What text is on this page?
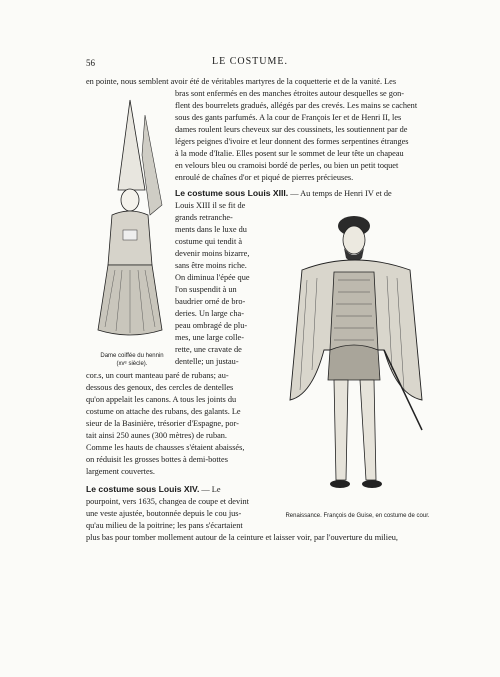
56	LE COSTUME.
en pointe, nous semblent avoir été de véritables martyres de la coquetterie et de la vanité. Les
bras sont enfermés en des manches étroites autour desquelles se gon-
flent des bourrelets gradués, allégés par des crevés. Les mains se cachent
sous des gants parfumés. A la cour de François Ier et de Henri II, les
dames roulent leurs cheveux sur des coussinets, les soutiennent par de
légers peignes d'ivoire et leur donnent des formes serpentines étranges
à la mode d'Italie. Elles posent sur le sommet de leur tête un chapeau
en velours bleu ou cramoisi bordé de perles, ou bien un petit toquet
enroulé de chaînes d'or et piqué de pierres précieuses.
Le costume sous Louis XIII. — Au temps de Henri IV et de
Louis XIII il se fit de
grands retranche-
ments dans le luxe du
costume qui tendit à
devenir moins bizarre,
sans être moins riche.
On diminua l'épée que
l'on suspendit à un
baudrier orné de bro-
deries. Un large cha-
peau ombragé de plu-
mes, une large colle-
rette, une cravate de
dentelle; un justau-
cor.s, un court manteau paré de rubans; au-
dessous des genoux, des cercles de dentelles
qu'on appelait les canons. A tous les joints du
costume on attache des rubans, des galants. Le
sieur de la Basinière, trésorier d'Espagne, por-
tait ainsi 250 aunes (300 mètres) de ruban.
Comme les hauts de chausses s'étaient abaissés,
on réduisit les grosses bottes à demi-bottes
largement couvertes.
Le costume sous Louis XIV. — Le
pourpoint, vers 1635, changea de coupe et devint
une veste ajustée, boutonnée depuis le cou jus-
qu'au milieu de la poitrine; les pans s'écartaient
plus bas pour tomber mollement autour de la ceinture et laisser voir, par l'ouverture du milieu,
Dame coiffée du hennin
(xvᵉ siècle).
Renaissance. François de Guise, en costume de cour.
